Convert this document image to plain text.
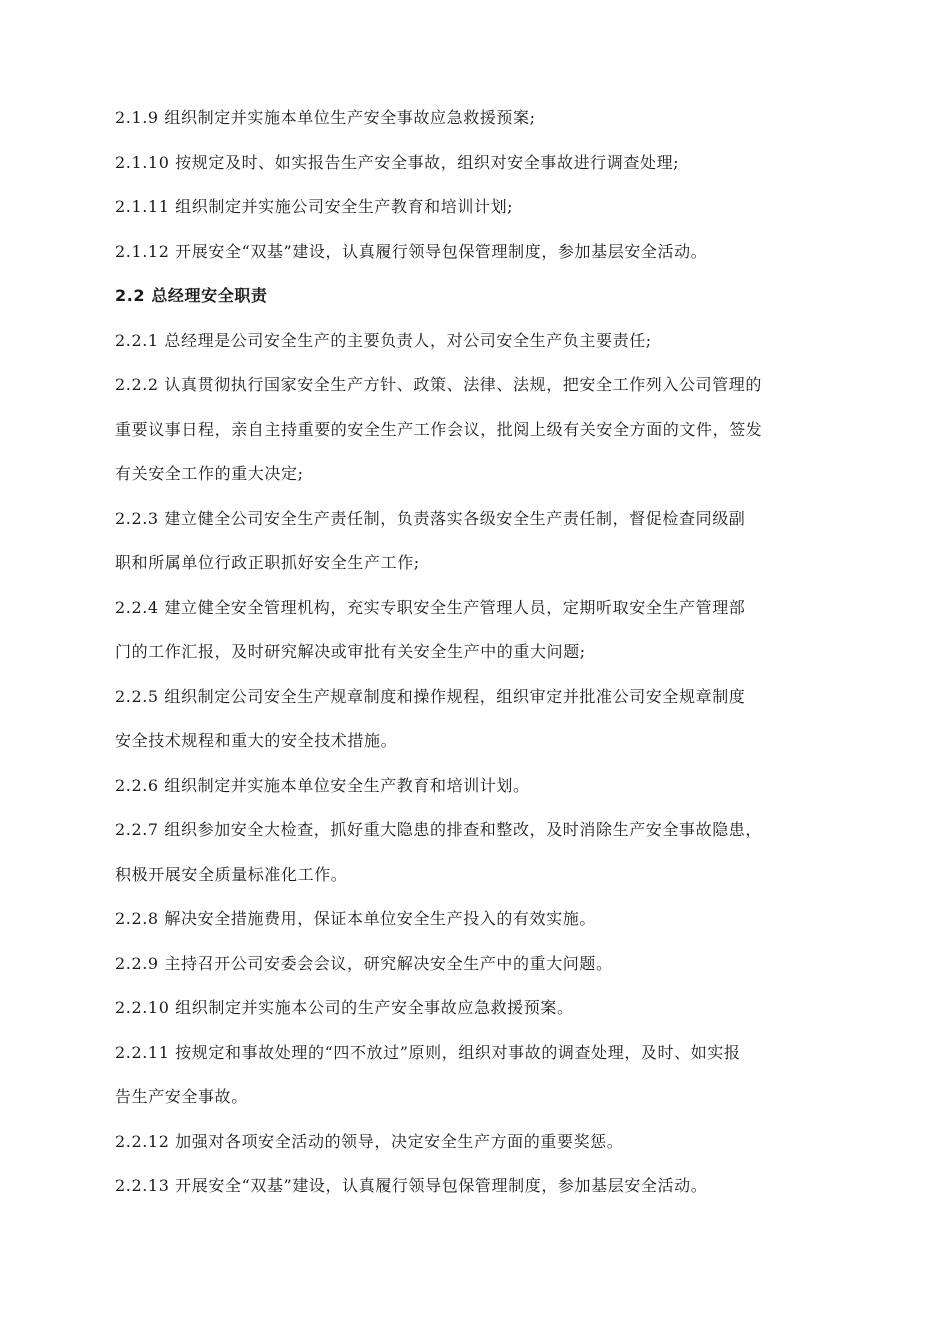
2.1.9 组织制定并实施本单位生产安全事故应急救援预案;
2.1.10 按规定及时、如实报告生产安全事故，组织对安全事故进行调查处理;
2.1.11 组织制定并实施公司安全生产教育和培训计划;
2.1.12 开展安全“双基”建设，认真履行领导包保管理制度，参加基层安全活动。
2.2 总经理安全职责
2.2.1 总经理是公司安全生产的主要负责人，对公司安全生产负主要责任;
2.2.2 认真贯彻执行国家安全生产方针、政策、法律、法规，把安全工作列入公司管理的
重要议事日程，亲自主持重要的安全生产工作会议，批阅上级有关安全方面的文件，签发
有关安全工作的重大决定;
2.2.3 建立健全公司安全生产责任制，负责落实各级安全生产责任制，督促检查同级副
职和所属单位行政正职抓好安全生产工作;
2.2.4 建立健全安全管理机构，充实专职安全生产管理人员，定期听取安全生产管理部
门的工作汇报，及时研究解决或审批有关安全生产中的重大问题;
2.2.5 组织制定公司安全生产规章制度和操作规程，组织审定并批准公司安全规章制度
安全技术规程和重大的安全技术措施。
2.2.6 组织制定并实施本单位安全生产教育和培训计划。
2.2.7 组织参加安全大检查，抓好重大隐患的排查和整改，及时消除生产安全事故隐患，
积极开展安全质量标准化工作。
2.2.8 解决安全措施费用，保证本单位安全生产投入的有效实施。
2.2.9 主持召开公司安委会会议，研究解决安全生产中的重大问题。
2.2.10 组织制定并实施本公司的生产安全事故应急救援预案。
2.2.11 按规定和事故处理的“四不放过”原则，组织对事故的调查处理，及时、如实报
告生产安全事故。
2.2.12 加强对各项安全活动的领导，决定安全生产方面的重要奖惩。
2.2.13 开展安全“双基”建设，认真履行领导包保管理制度，参加基层安全活动。
